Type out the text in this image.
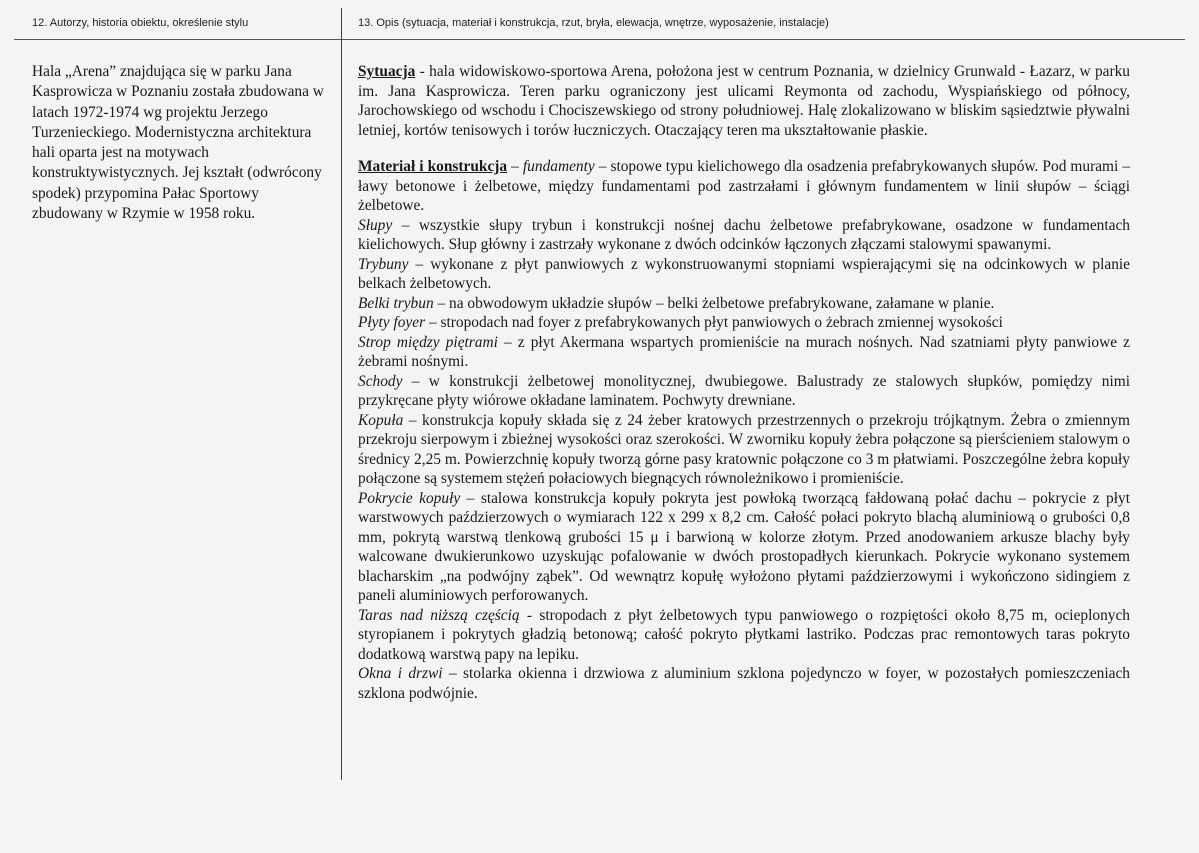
12. Autorzy, historia obiektu, określenie stylu	13. Opis (sytuacja, materiał i konstrukcja, rzut, bryła, elewacja, wnętrze, wyposażenie, instalacje)
Hala „Arena” znajdująca się w parku Jana Kasprowicza w Poznaniu została zbudowana w latach 1972-1974 wg projektu Jerzego Turzenieckiego. Modernistyczna architektura hali oparta jest na motywach konstruktywistycznych. Jej kształt (odwrócony spodek) przypomina Pałac Sportowy zbudowany w Rzymie w 1958 roku.

Sytuacja - hala widowiskowo-sportowa Arena, położona jest w centrum Poznania, w dzielnicy Grunwald - Łazarz, w parku im. Jana Kasprowicza. Teren parku ograniczony jest ulicami Reymonta od zachodu, Wyspiańskiego od północy, Jarochowskiego od wschodu i Chociszewskiego od strony południowej. Halę zlokalizowano w bliskim sąsiedztwie pływalni letniej, kortów tenisowych i torów łuczniczych. Otaczający teren ma ukształtowanie płaskie.

Materiał i konstrukcja – fundamenty – stopowe typu kielichowego dla osadzenia prefabrykowanych słupów. Pod murami – ławy betonowe i żelbetowe, między fundamentami pod zastrzałami i głównym fundamentem w linii słupów – ściągi żelbetowe.

Słupy – wszystkie słupy trybun i konstrukcji nośnej dachu żelbetowe prefabrykowane, osadzone w fundamentach kielichowych. Słup główny i zastrzały wykonane z dwóch odcinków łączonych złączami stalowymi spawanymi.

Trybuny – wykonane z płyt panwiowych z wykonstruowanymi stopniami wspierającymi się na odcinkowych w planie belkach żelbetowych.

Belki trybun – na obwodowym układzie słupów – belki żelbetowe prefabrykowane, załamane w planie.

Płyty foyer – stropodach nad foyer z prefabrykowanych płyt panwiowych o żebrach zmiennej wysokości

Strop między piętrami – z płyt Akermana wspartych promieniście na murach nośnych. Nad szatniami płyty panwiowe z żebrami nośnymi.

Schody – w konstrukcji żelbetowej monolitycznej, dwubiegowe. Balustrady ze stalowych słupków, pomiędzy nimi przykręcane płyty wiórowe okładane laminatem. Pochwyty drewniane.

Kopuła – konstrukcja kopuły składa się z 24 żeber kratowych przestrzennych o przekroju trójkątnym. Żebra o zmiennym przekroju sierpowym i zbieżnej wysokości oraz szerokości. W zworniku kopuły żebra połączone są pierścieniem stalowym o średnicy 2,25 m. Powierzchnię kopuły tworzą górne pasy kratownic połączone co 3 m płatwiami. Poszczególne żebra kopuły połączone są systemem stężeń połaciowych biegnących równoleżnikowo i promieniście.

Pokrycie kopuły – stalowa konstrukcja kopuły pokryta jest powłoką tworzącą fałdowaną połać dachu – pokrycie z płyt warstwowych paździerzowych o wymiarach 122 x 299 x 8,2 cm. Całość połaci pokryto blachą aluminiową o grubości 0,8 mm, pokrytą warstwą tlenkową grubości 15 μ i barwioną w kolorze złotym. Przed anodowaniem arkusze blachy były walcowane dwukierunkowo uzyskując pofalowanie w dwóch prostopadłych kierunkach. Pokrycie wykonano systemem blacharskim „na podwójny ząbek”. Od wewnątrz kopułę wyłożono płytami paździerzowymi i wykończono sidingiem z paneli aluminiowych perforowanych.

Taras nad niższą częścią - stropodach z płyt żelbetowych typu panwiowego o rozpiętości około 8,75 m, ocieplonych styropianem i pokrytych gładzią betonową; całość pokryto płytkami lastriko. Podczas prac remontowych taras pokryto dodatkową warstwą papy na lepiku.

Okna i drzwi – stolarka okienna i drzwiowa z aluminium szklona pojedynczo w foyer, w pozostałych pomieszczeniach szklona podwójnie.
